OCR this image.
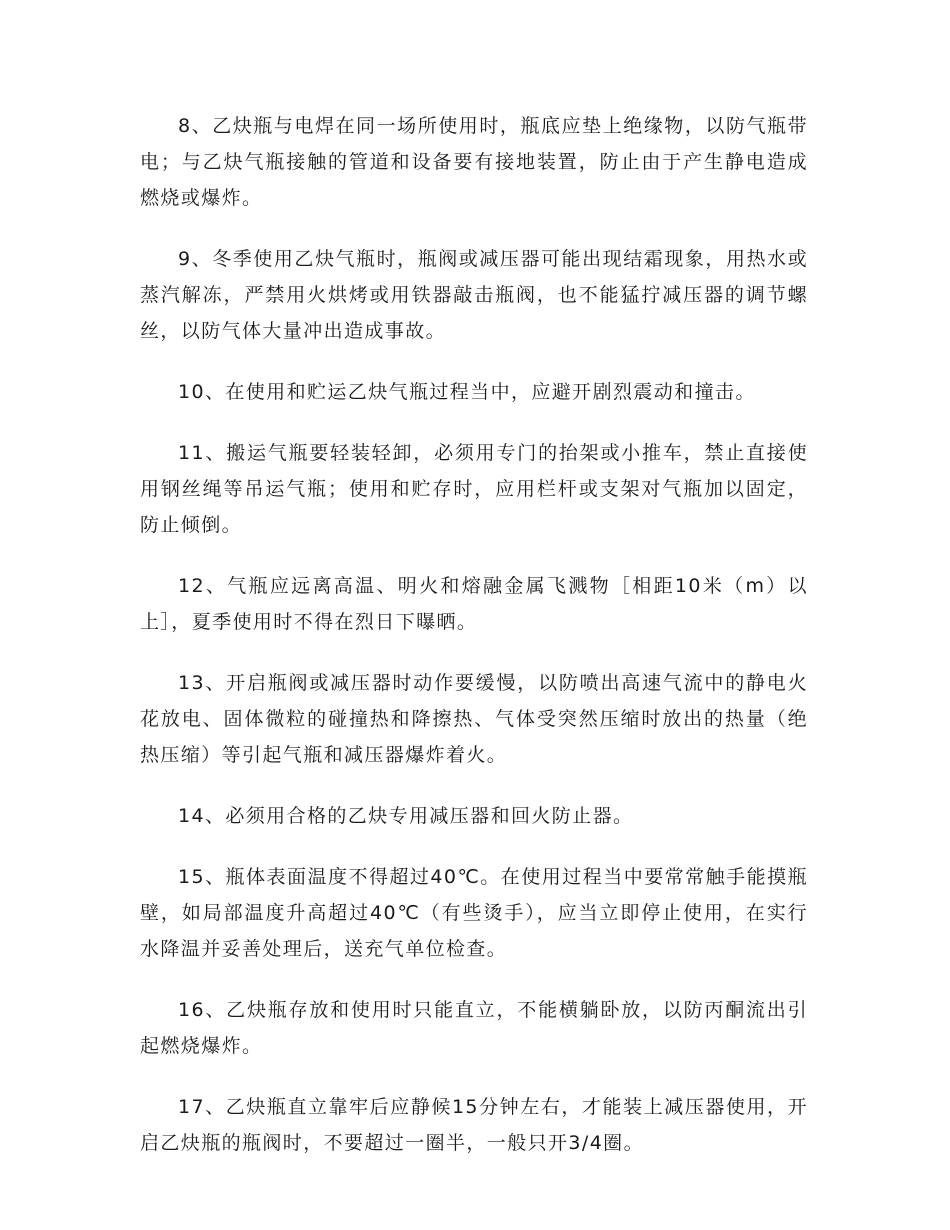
8、乙炔瓶与电焊在同一场所使用时，瓶底应垫上绝缘物，以防气瓶带电；与乙炔气瓶接触的管道和设备要有接地装置，防止由于产生静电造成燃烧或爆炸。

9、冬季使用乙炔气瓶时，瓶阀或减压器可能出现结霜现象，用热水或蒸汽解冻，严禁用火烘烤或用铁器敲击瓶阀，也不能猛拧减压器的调节螺丝，以防气体大量冲出造成事故。

10、在使用和贮运乙炔气瓶过程当中，应避开剧烈震动和撞击。

11、搬运气瓶要轻装轻卸，必须用专门的抬架或小推车，禁止直接使用钢丝绳等吊运气瓶；使用和贮存时，应用栏杆或支架对气瓶加以固定，防止倾倒。

12、气瓶应远离高温、明火和熔融金属飞溅物［相距10米（m）以上］，夏季使用时不得在烈日下曝晒。

13、开启瓶阀或减压器时动作要缓慢，以防喷出高速气流中的静电火花放电、固体微粒的碰撞热和降擦热、气体受突然压缩时放出的热量（绝热压缩）等引起气瓶和减压器爆炸着火。

14、必须用合格的乙炔专用减压器和回火防止器。

15、瓶体表面温度不得超过40℃。在使用过程当中要常常触手能摸瓶壁，如局部温度升高超过40℃（有些烫手），应当立即停止使用，在实行水降温并妥善处理后，送充气单位检查。

16、乙炔瓶存放和使用时只能直立，不能横躺卧放，以防丙酮流出引起燃烧爆炸。

17、乙炔瓶直立靠牢后应静候15分钟左右，才能装上减压器使用，开启乙炔瓶的瓶阀时，不要超过一圈半，一般只开3/4圈。
